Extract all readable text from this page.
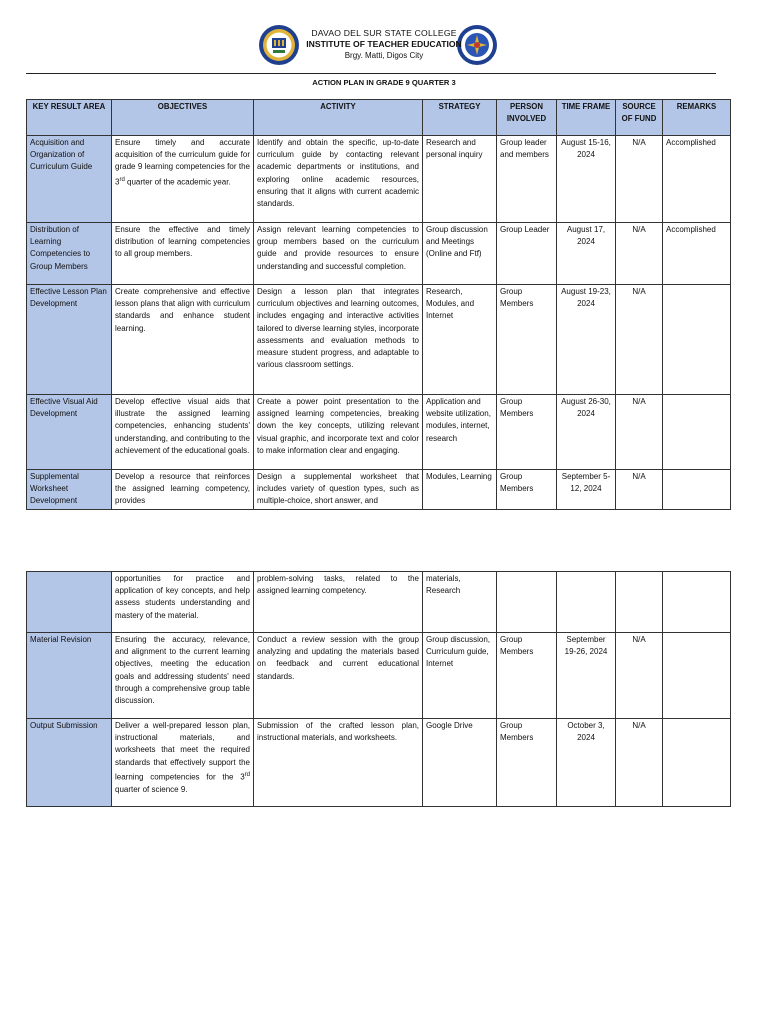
DAVAO DEL SUR STATE COLLEGE
INSTITUTE OF TEACHER EDUCATION
Brgy. Matti, Digos City
ACTION PLAN IN GRADE 9 QUARTER 3
KEY RESULT AREA	OBJECTIVES	ACTIVITY	STRATEGY	PERSON INVOLVED	TIME FRAME	SOURCE OF FUND	REMARKS
Acquisition and Organization of Curriculum Guide	Ensure timely and accurate acquisition of the curriculum guide for grade 9 learning competencies for the 3rd quarter of the academic year.	Identify and obtain the specific, up-to-date curriculum guide by contacting relevant academic departments or institutions, and exploring online academic resources, ensuring that it aligns with current academic standards.	Research and personal inquiry	Group leader and members	August 15-16, 2024	N/A	Accomplished
Distribution of Learning Competencies to Group Members	Ensure the effective and timely distribution of learning competencies to all group members.	Assign relevant learning competencies to group members based on the curriculum guide and provide resources to ensure understanding and successful completion.	Group discussion and Meetings (Online and Ftf)	Group Leader	August 17, 2024	N/A	Accomplished
Effective Lesson Plan Development	Create comprehensive and effective lesson plans that align with curriculum standards and enhance student learning.	Design a lesson plan that integrates curriculum objectives and learning outcomes, includes engaging and interactive activities tailored to diverse learning styles, incorporate assessments and evaluation methods to measure student progress, and adaptable to various classroom settings.	Research, Modules, and Internet	Group Members	August 19-23, 2024	N/A	
Effective Visual Aid Development	Develop effective visual aids that illustrate the assigned learning competencies, enhancing students' understanding, and contributing to the achievement of the educational goals.	Create a power point presentation to the assigned learning competencies, breaking down the key concepts, utilizing relevant visual graphic, and incorporate text and color to make information clear and engaging.	Application and website utilization, modules, internet, research	Group Members	August 26-30, 2024	N/A	
Supplemental Worksheet Development	Develop a resource that reinforces the assigned learning competency, provides	Design a supplemental worksheet that includes variety of question types, such as multiple-choice, short answer, and	Modules, Learning	Group Members	September 5-12, 2024	N/A	
	opportunities for practice and application of key concepts, and help assess students understanding and mastery of the material.	problem-solving tasks, related to the assigned learning competency.	materials, Research				
Material Revision	Ensuring the accuracy, relevance, and alignment to the current learning objectives, meeting the education goals and addressing students' need through a comprehensive group table discussion.	Conduct a review session with the group analyzing and updating the materials based on feedback and current educational standards.	Group discussion, Curriculum guide, Internet	Group Members	September 19-26, 2024	N/A	
Output Submission	Deliver a well-prepared lesson plan, instructional materials, and worksheets that meet the required standards that effectively support the learning competencies for the 3rd quarter of science 9.	Submission of the crafted lesson plan, instructional materials, and worksheets.	Google Drive	Group Members	October 3, 2024	N/A	
